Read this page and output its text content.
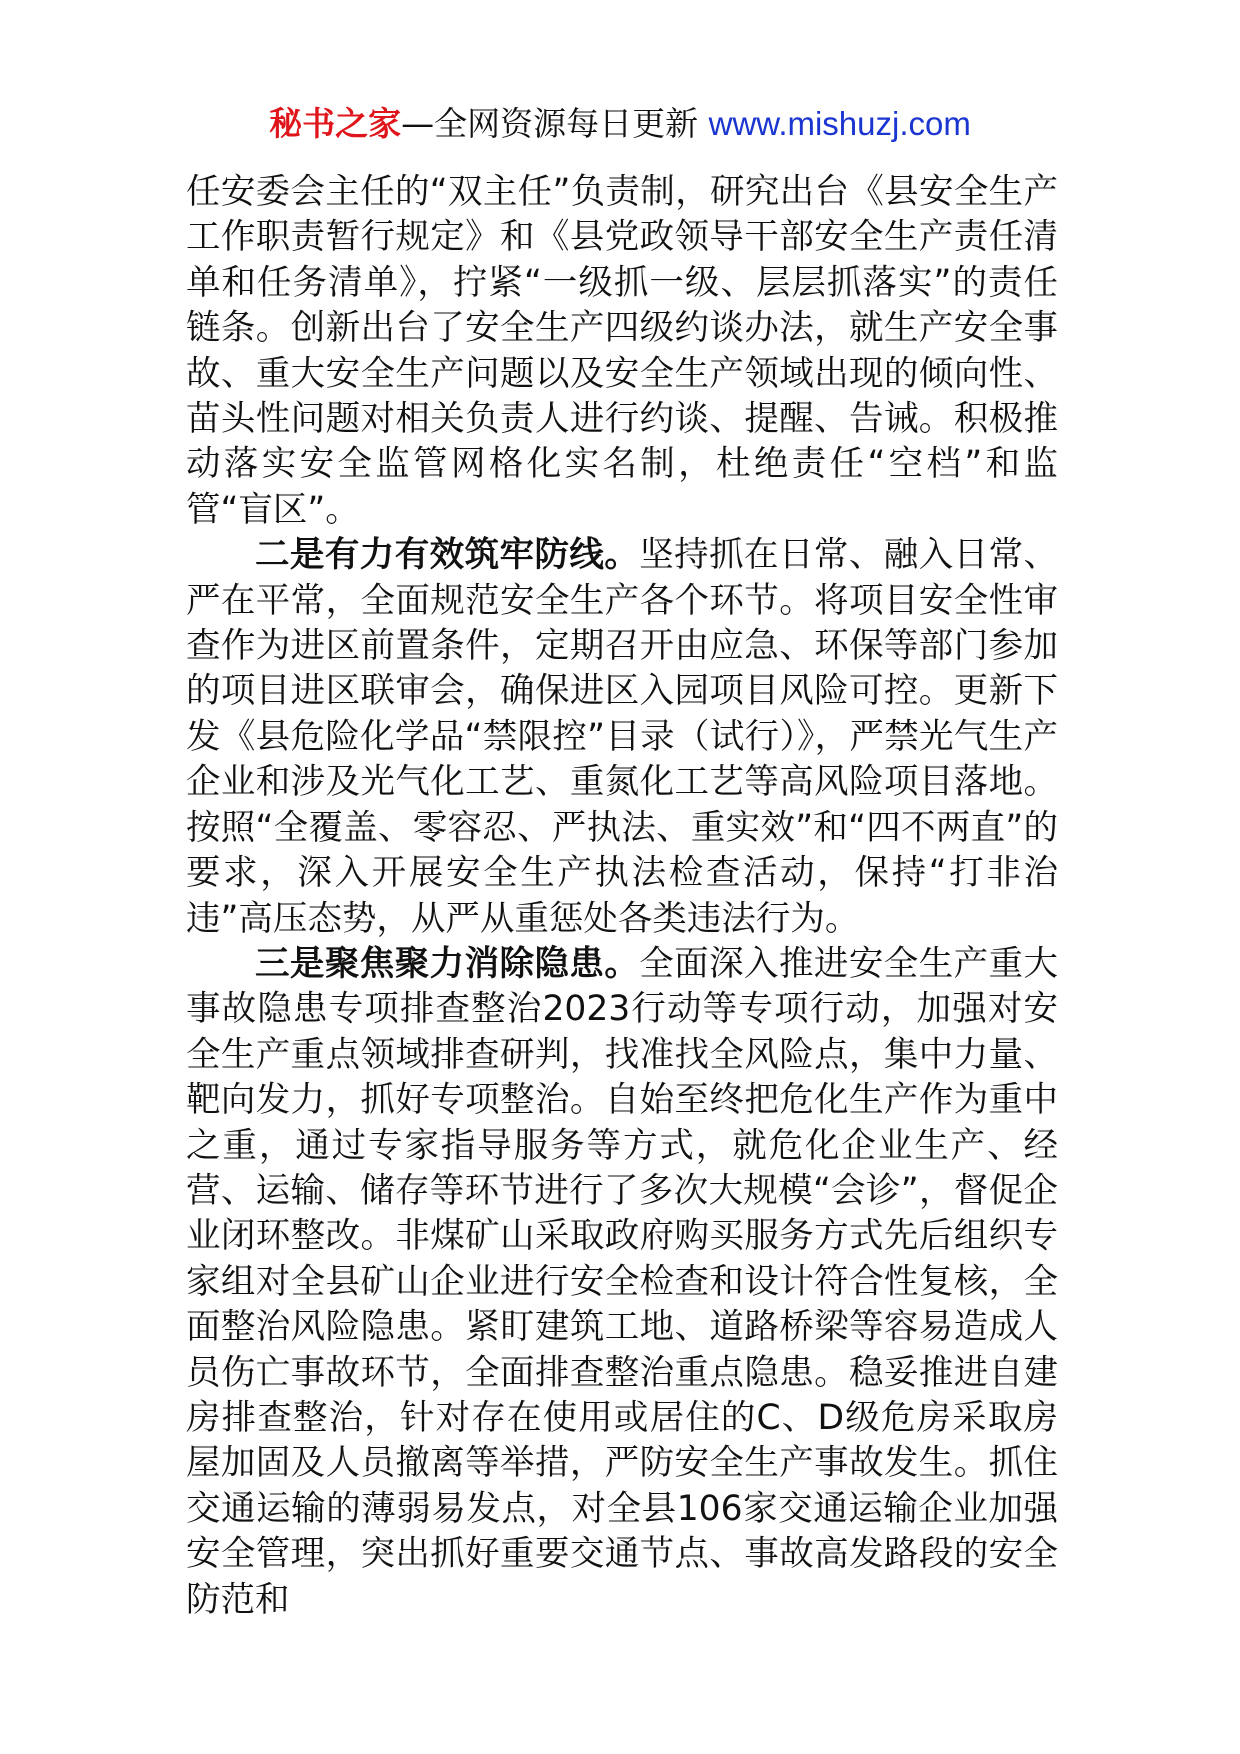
秘书之家—全网资源每日更新 www.mishuzj.com

任安委会主任的“双主任”负责制，研究出台《县安全生产工作职责暂行规定》和《县党政领导干部安全生产责任清单和任务清单》，拧紧“一级抓一级、层层抓落实”的责任链条。创新出台了安全生产四级约谈办法，就生产安全事故、重大安全生产问题以及安全生产领域出现的倾向性、苗头性问题对相关负责人进行约谈、提醒、告诫。积极推动落实安全监管网格化实名制，杜绝责任“空档”和监管“盲区”。

二是有力有效筑牢防线。坚持抓在日常、融入日常、严在平常，全面规范安全生产各个环节。将项目安全性审查作为进区前置条件，定期召开由应急、环保等部门参加的项目进区联审会，确保进区入园项目风险可控。更新下发《县危险化学品“禁限控”目录（试行）》，严禁光气生产企业和涉及光气化工艺、重氮化工艺等高风险项目落地。按照“全覆盖、零容忍、严执法、重实效”和“四不两直”的要求，深入开展安全生产执法检查活动，保持“打非治违”高压态势，从严从重惩处各类违法行为。

三是聚焦聚力消除隐患。全面深入推进安全生产重大事故隐患专项排查整治2023行动等专项行动，加强对安全生产重点领域排查研判，找准找全风险点，集中力量、靶向发力，抓好专项整治。自始至终把危化生产作为重中之重，通过专家指导服务等方式，就危化企业生产、经营、运输、储存等环节进行了多次大规模“会诊”，督促企业闭环整改。非煤矿山采取政府购买服务方式先后组织专家组对全县矿山企业进行安全检查和设计符合性复核，全面整治风险隐患。紧盯建筑工地、道路桥梁等容易造成人员伤亡事故环节，全面排查整治重点隐患。稳妥推进自建房排查整治，针对存在使用或居住的C、D级危房采取房屋加固及人员撤离等举措，严防安全生产事故发生。抓住交通运输的薄弱易发点，对全县106家交通运输企业加强安全管理，突出抓好重要交通节点、事故高发路段的安全防范和
